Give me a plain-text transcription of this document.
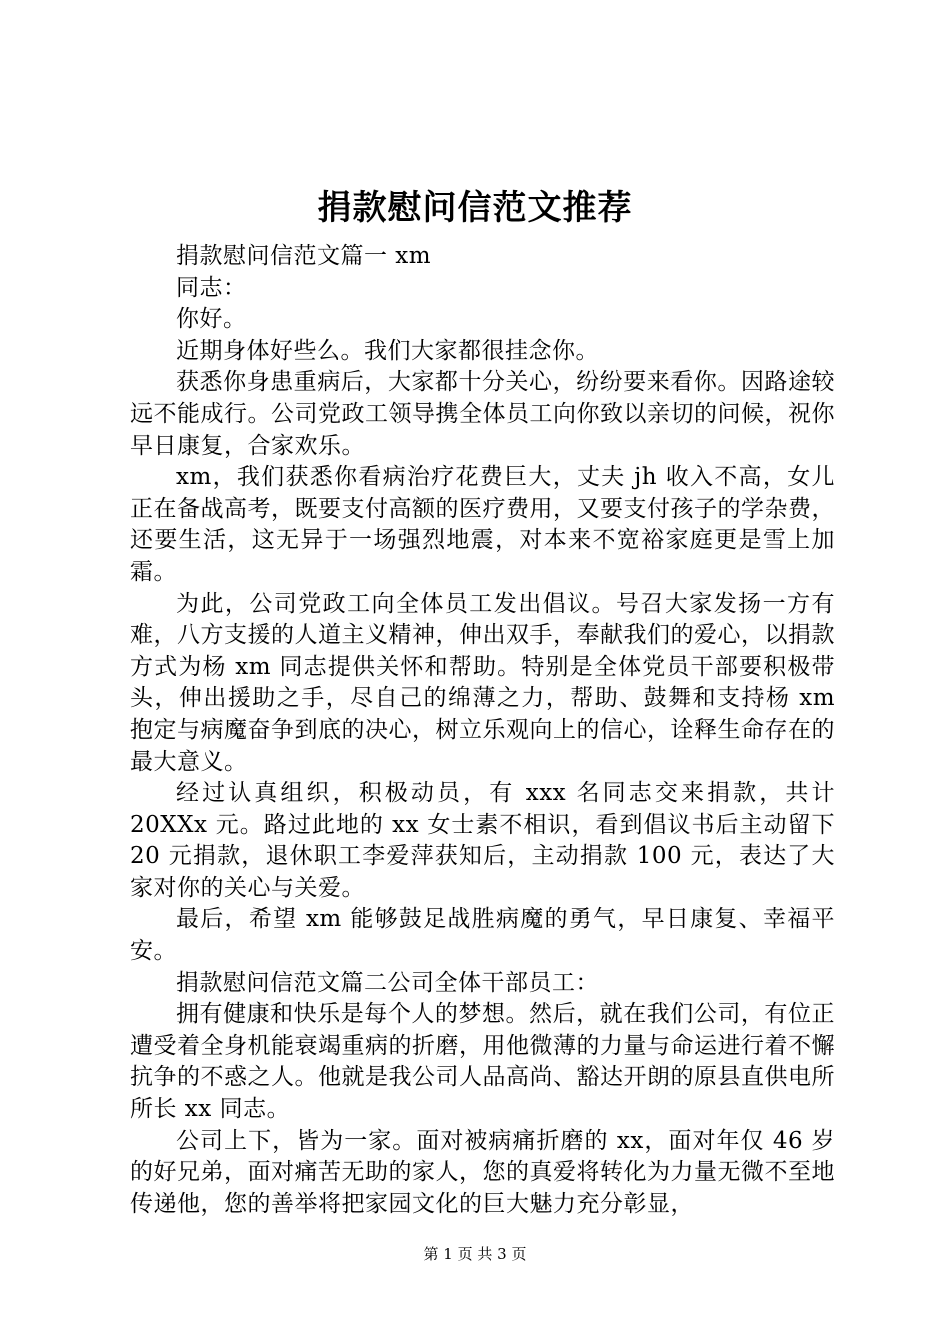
捐款慰问信范文推荐

捐款慰问信范文篇一 xm

同志：

你好。

近期身体好些么。我们大家都很挂念你。

获悉你身患重病后，大家都十分关心，纷纷要来看你。因路途较远不能成行。公司党政工领导携全体员工向你致以亲切的问候，祝你早日康复，合家欢乐。

xm，我们获悉你看病治疗花费巨大，丈夫 jh 收入不高，女儿正在备战高考，既要支付高额的医疗费用，又要支付孩子的学杂费，还要生活，这无异于一场强烈地震，对本来不宽裕家庭更是雪上加霜。

为此，公司党政工向全体员工发出倡议。号召大家发扬一方有难，八方支援的人道主义精神，伸出双手，奉献我们的爱心，以捐款方式为杨 xm 同志提供关怀和帮助。特别是全体党员干部要积极带头，伸出援助之手，尽自己的绵薄之力，帮助、鼓舞和支持杨 xm 抱定与病魔奋争到底的决心，树立乐观向上的信心，诠释生命存在的最大意义。

经过认真组织，积极动员，有 xxx 名同志交来捐款，共计 20XXx 元。路过此地的 xx 女士素不相识，看到倡议书后主动留下 20 元捐款，退休职工李爱萍获知后，主动捐款 100 元，表达了大家对你的关心与关爱。

最后，希望 xm 能够鼓足战胜病魔的勇气，早日康复、幸福平安。

捐款慰问信范文篇二公司全体干部员工：

拥有健康和快乐是每个人的梦想。然后，就在我们公司，有位正遭受着全身机能衰竭重病的折磨，用他微薄的力量与命运进行着不懈抗争的不惑之人。他就是我公司人品高尚、豁达开朗的原县直供电所所长 xx 同志。

公司上下，皆为一家。面对被病痛折磨的 xx，面对年仅 46 岁的好兄弟，面对痛苦无助的家人，您的真爱将转化为力量无微不至地传递他，您的善举将把家园文化的巨大魅力充分彰显，

第 1 页 共 3 页
